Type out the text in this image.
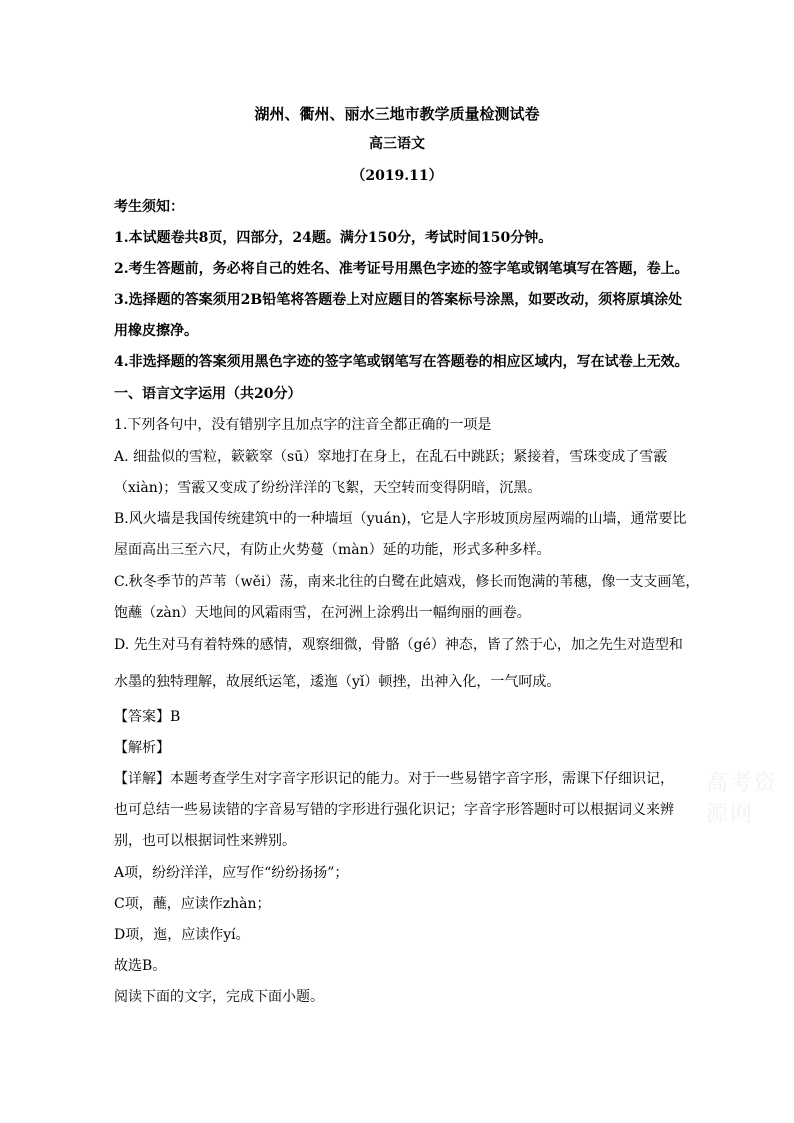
湖州、衢州、丽水三地市教学质量检测试卷
高三语文
（2019.11）
考生须知：
1.本试题卷共8页，四部分，24题。满分150分，考试时间150分钟。
2.考生答题前，务必将自己的姓名、准考证号用黑色字迹的签字笔或钢笔填写在答题，卷上。
3.选择题的答案须用2B铅笔将答题卷上对应题目的答案标号涂黑，如要改动，须将原填涂处
用橡皮擦净。
4.非选择题的答案须用黑色字迹的签字笔或钢笔写在答题卷的相应区域内，写在试卷上无效。
一、语言文字运用（共20分）
1.下列各句中，没有错别字且加点字的注音全都正确的一项是
A. 细盐似的雪粒，簌簌窣（sū）窣地打在身上，在乱石中跳跃；紧接着，雪珠变成了雪霰
（xiàn)；雪霰又变成了纷纷洋洋的飞絮，天空转而变得阴暗，沉黑。
B.风火墙是我国传统建筑中的一种墙垣（yuán)，它是人字形坡顶房屋两端的山墙，通常要比
屋面高出三至六尺，有防止火势蔓（màn）延的功能，形式多种多样。
C.秋冬季节的芦苇（wěi）荡，南来北往的白鹭在此嬉戏，修长而饱满的苇穗，像一支支画笔，
饱蘸（zàn）天地间的风霜雨雪，在河洲上涂鸦出一幅绚丽的画卷。
D. 先生对马有着特殊的感情，观察细微，骨骼（gé）神态，皆了然于心，加之先生对造型和
水墨的独特理解，故展纸运笔，逶迤（yǐ）顿挫，出神入化，一气呵成。
【答案】B
【解析】
【详解】本题考查学生对字音字形识记的能力。对于一些易错字音字形，需课下仔细识记，
也可总结一些易读错的字音易写错的字形进行强化识记；字音字形答题时可以根据词义来辨
别，也可以根据词性来辨别。
A项，纷纷洋洋，应写作“纷纷扬扬”；
C项，蘸，应读作zhàn；
D项，迤，应读作yí。
故选B。
阅读下面的文字，完成下面小题。
高考资源网
